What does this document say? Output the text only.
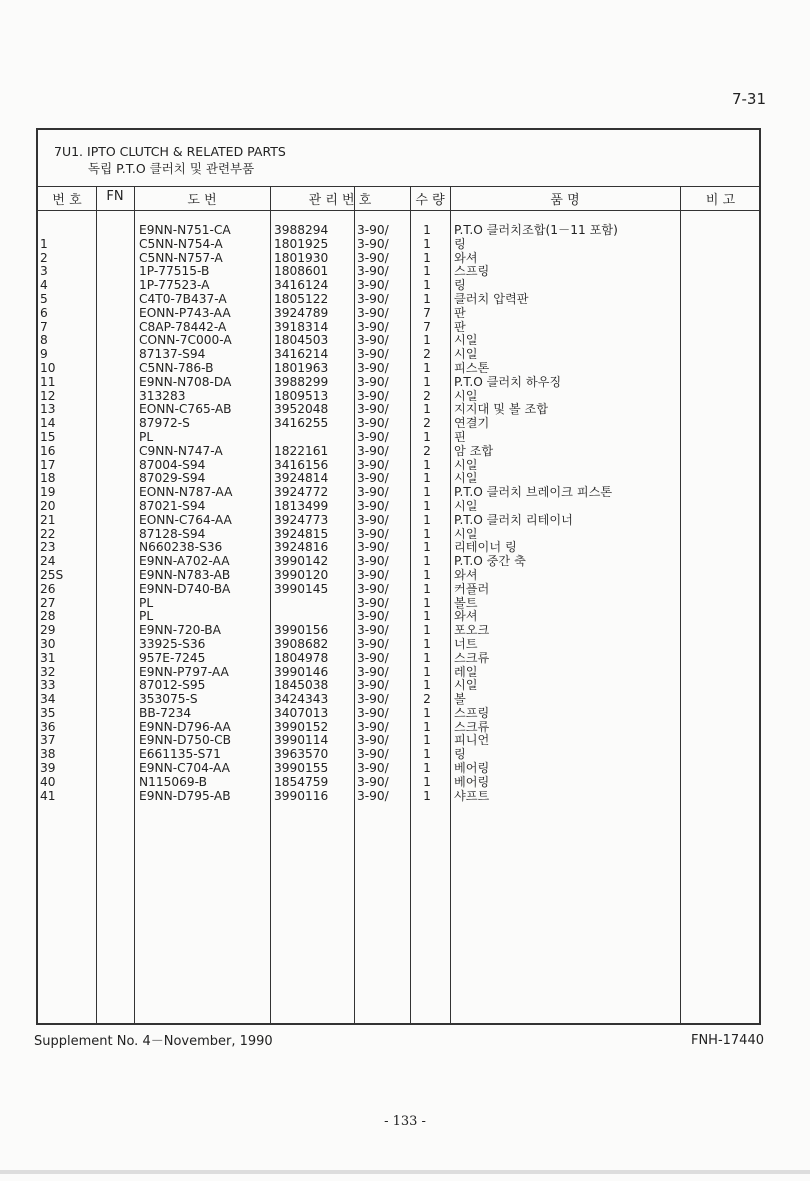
7-31
7U1. IPTO CLUTCH & RELATED PARTS
독립 P.T.O 클러치 및 관련부품
번 호	FN	도 번	관 리 번 호	수 량	품 명	비 고
E9NN-N751-CA	3988294 3-90/	1	P.T.O 클러치조합(1－11 포함)
1	C5NN-N754-A	1801925 3-90/	1	링
2	C5NN-N757-A	1801930 3-90/	1	와셔
3	1P-77515-B	1808601 3-90/	1	스프링
4	1P-77523-A	3416124 3-90/	1	링
5	C4T0-7B437-A	1805122 3-90/	1	클러치 압력판
6	EONN-P743-AA	3924789 3-90/	7	판
7	C8AP-78442-A	3918314 3-90/	7	판
8	CONN-7C000-A	1804503 3-90/	1	시일
9	87137-S94	3416214 3-90/	2	시일
10	C5NN-786-B	1801963 3-90/	1	피스톤
11	E9NN-N708-DA	3988299 3-90/	1	P.T.O 클러치 하우징
12	313283	1809513 3-90/	2	시일
13	EONN-C765-AB	3952048 3-90/	1	지지대 및 볼 조합
14	87972-S	3416255 3-90/	2	연결기
15	PL	3-90/	1	핀
16	C9NN-N747-A	1822161 3-90/	2	암 조합
17	87004-S94	3416156 3-90/	1	시일
18	87029-S94	3924814 3-90/	1	시일
19	EONN-N787-AA	3924772 3-90/	1	P.T.O 클러치 브레이크 피스톤
20	87021-S94	1813499 3-90/	1	시일
21	EONN-C764-AA	3924773 3-90/	1	P.T.O 클러치 리테이너
22	87128-S94	3924815 3-90/	1	시일
23	N660238-S36	3924816 3-90/	1	리테이너 링
24	E9NN-A702-AA	3990142 3-90/	1	P.T.O 중간 축
25S	E9NN-N783-AB	3990120 3-90/	1	와셔
26	E9NN-D740-BA	3990145 3-90/	1	커플러
27	PL	3-90/	1	볼트
28	PL	3-90/	1	와셔
29	E9NN-720-BA	3990156 3-90/	1	포오크
30	33925-S36	3908682 3-90/	1	너트
31	957E-7245	1804978 3-90/	1	스크류
32	E9NN-P797-AA	3990146 3-90/	1	레일
33	87012-S95	1845038 3-90/	1	시일
34	353075-S	3424343 3-90/	2	볼
35	BB-7234	3407013 3-90/	1	스프링
36	E9NN-D796-AA	3990152 3-90/	1	스크류
37	E9NN-D750-CB	3990114 3-90/	1	피니언
38	E661135-S71	3963570 3-90/	1	링
39	E9NN-C704-AA	3990155 3-90/	1	베어링
40	N115069-B	1854759 3-90/	1	베어링
41	E9NN-D795-AB	3990116 3-90/	1	샤프트
Supplement No. 4－November, 1990	FNH-17440
- 133 -
